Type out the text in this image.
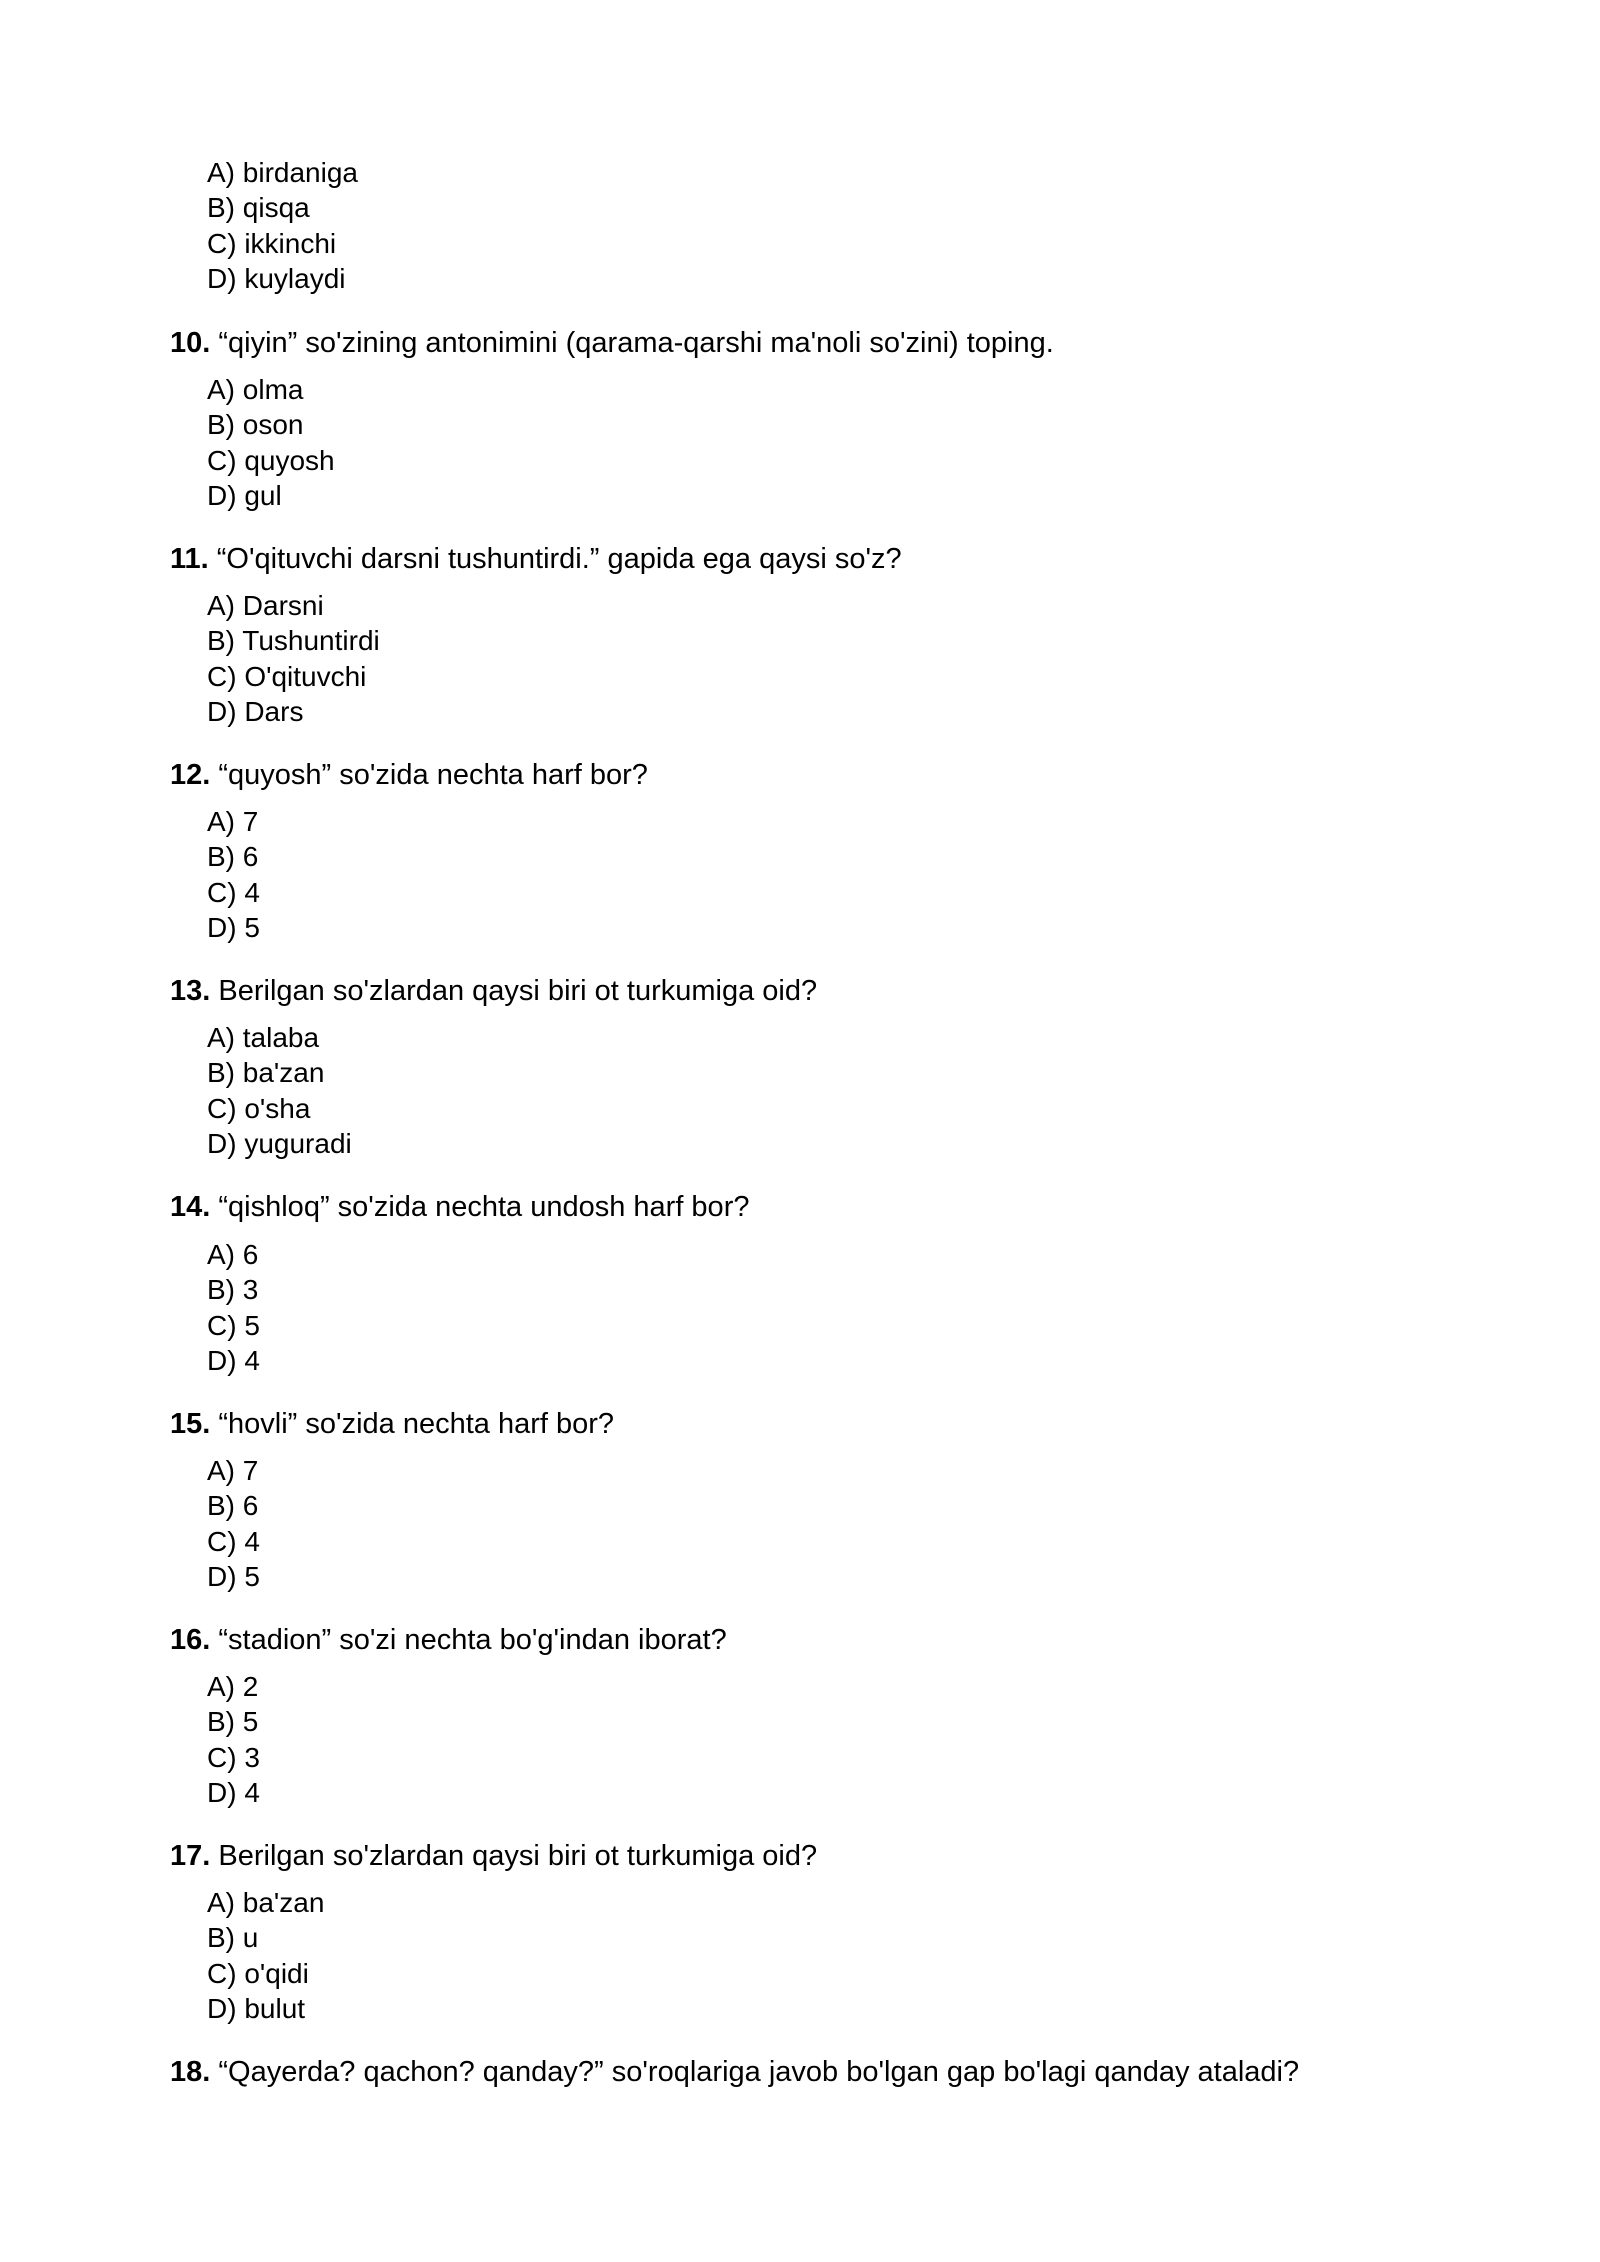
A) birdaniga
B) qisqa
C) ikkinchi
D) kuylaydi

10. “qiyin” so'zining antonimini (qarama-qarshi ma'noli so'zini) toping.

A) olma
B) oson
C) quyosh
D) gul

11. “O'qituvchi darsni tushuntirdi.” gapida ega qaysi so'z?

A) Darsni
B) Tushuntirdi
C) O'qituvchi
D) Dars

12. “quyosh” so'zida nechta harf bor?

A) 7
B) 6
C) 4
D) 5

13. Berilgan so'zlardan qaysi biri ot turkumiga oid?

A) talaba
B) ba'zan
C) o'sha
D) yuguradi

14. “qishloq” so'zida nechta undosh harf bor?

A) 6
B) 3
C) 5
D) 4

15. “hovli” so'zida nechta harf bor?

A) 7
B) 6
C) 4
D) 5

16. “stadion” so'zi nechta bo'g'indan iborat?

A) 2
B) 5
C) 3
D) 4

17. Berilgan so'zlardan qaysi biri ot turkumiga oid?

A) ba'zan
B) u
C) o'qidi
D) bulut

18. “Qayerda? qachon? qanday?” so'roqlariga javob bo'lgan gap bo'lagi qanday ataladi?
